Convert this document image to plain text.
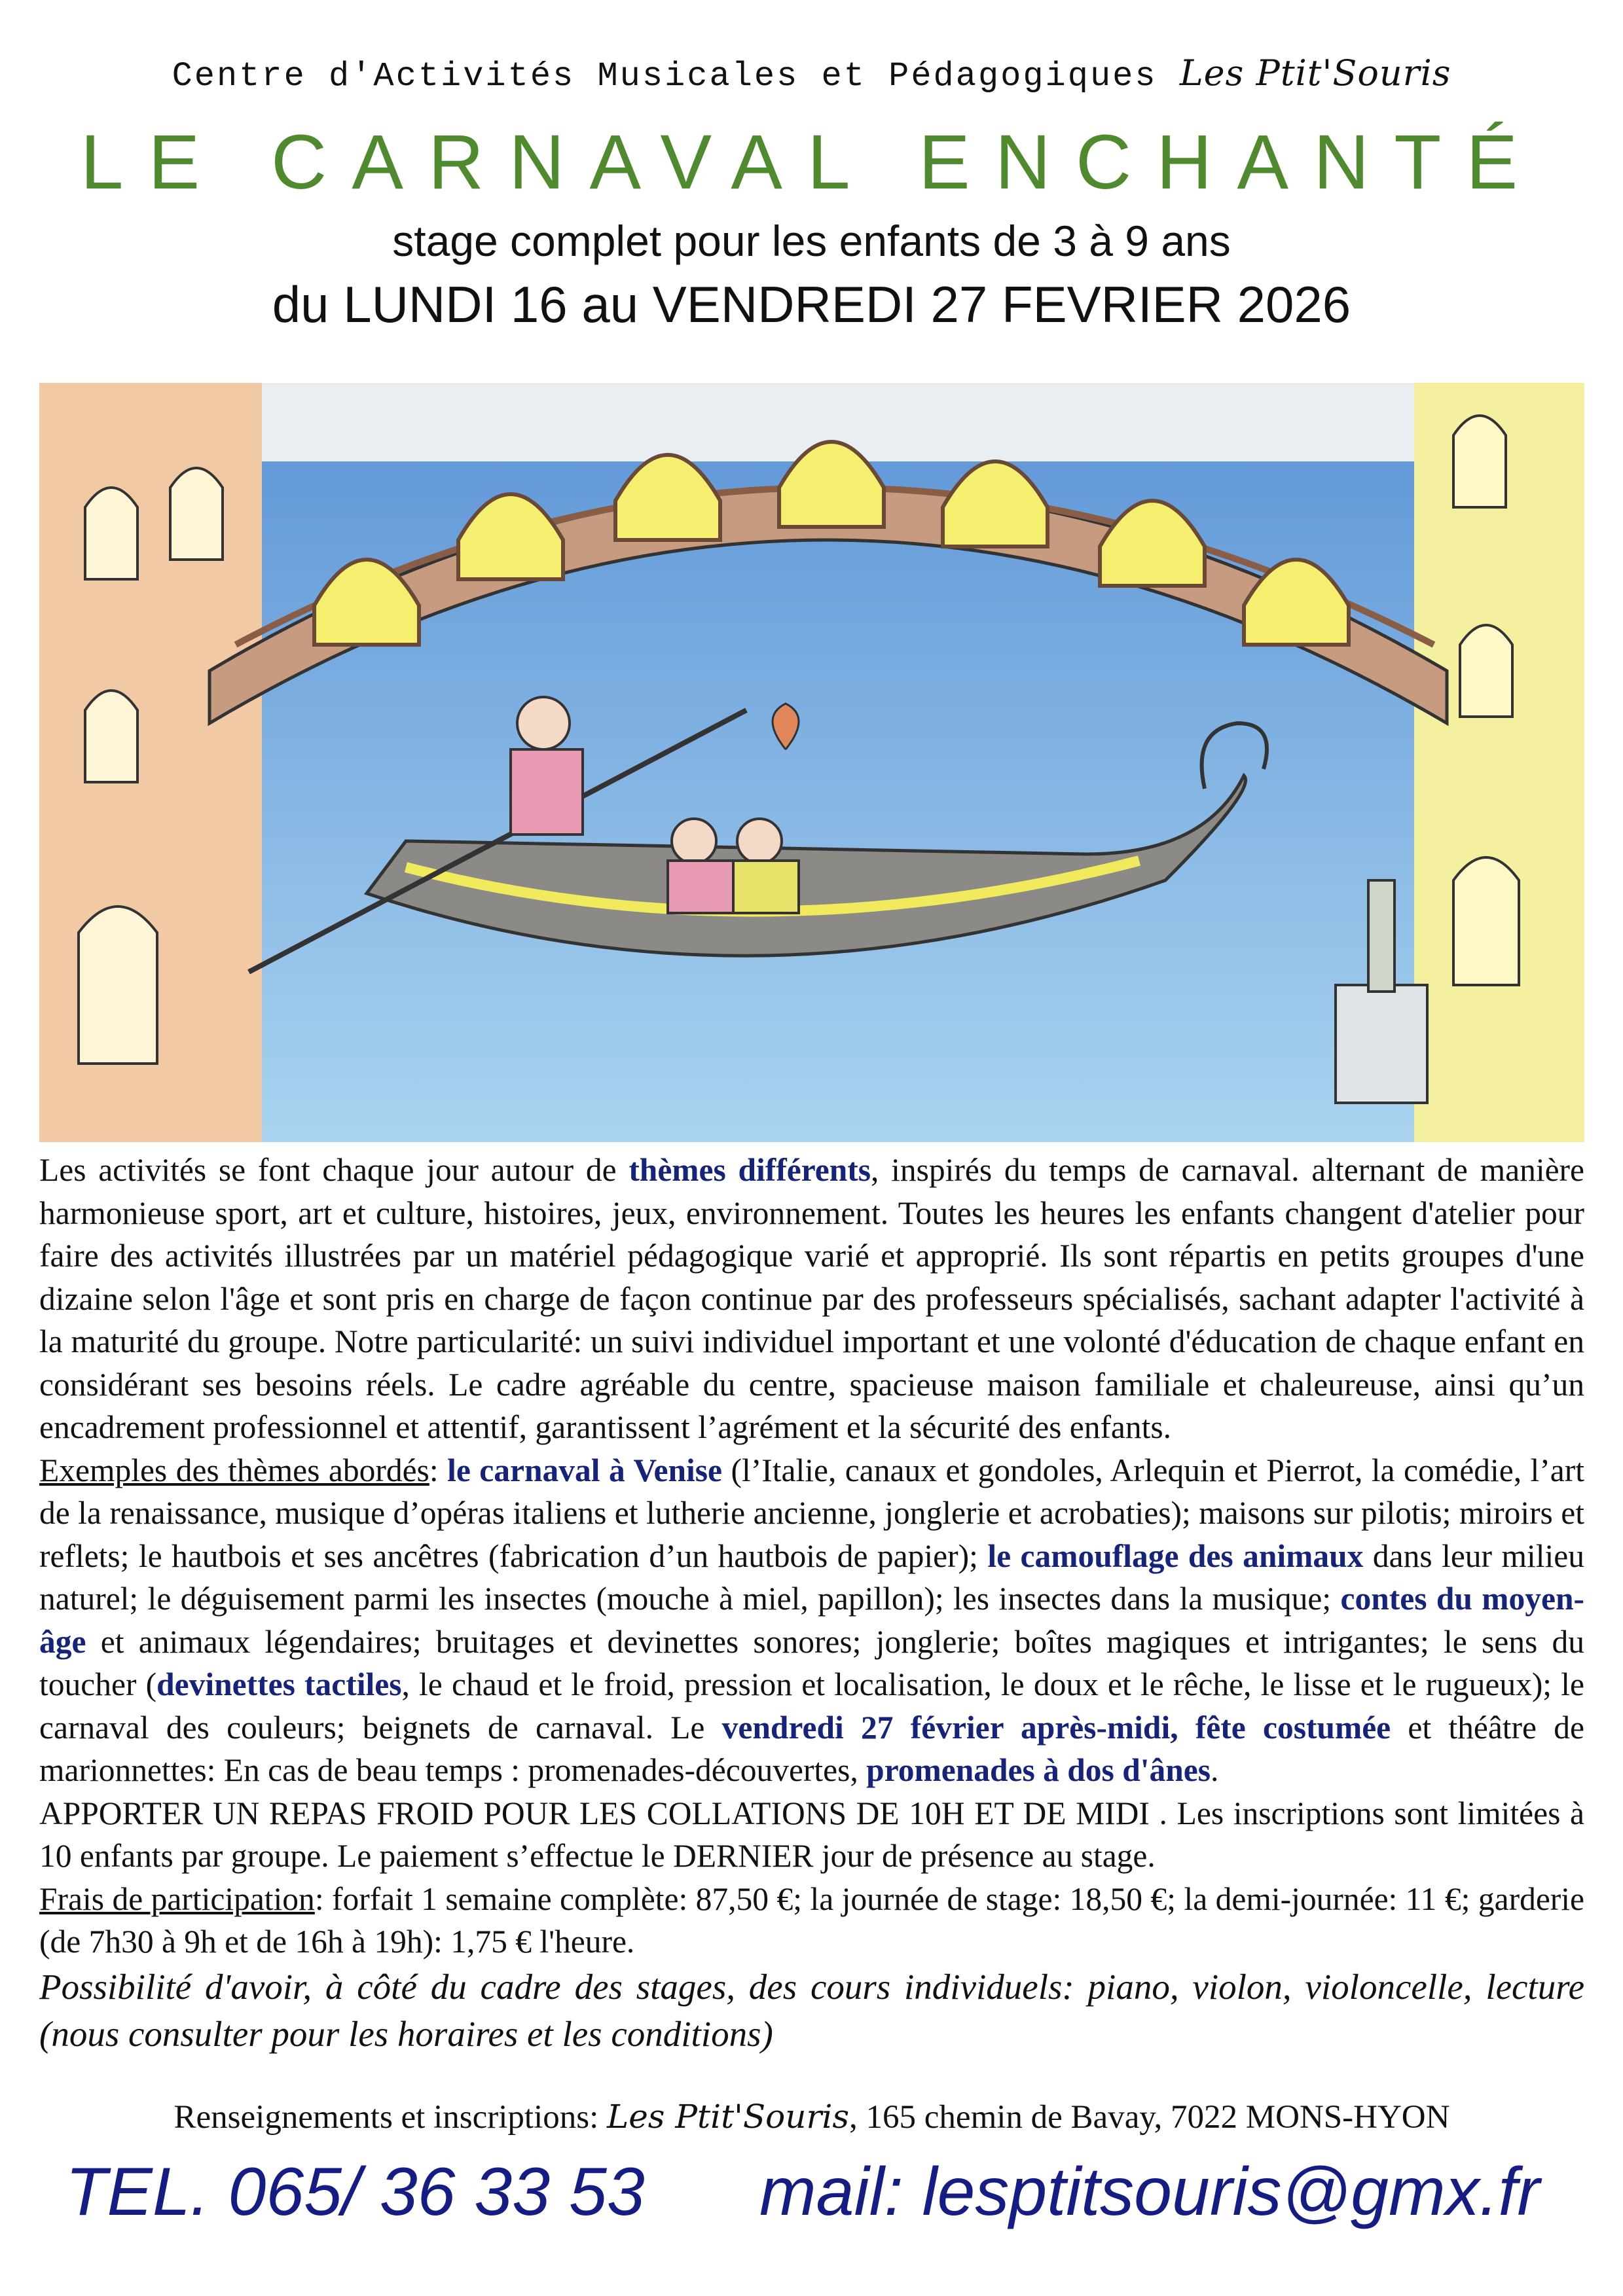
Centre d'Activités Musicales et Pédagogiques Les Ptit'Souris
LE CARNAVAL ENCHANTÉ
stage complet pour les enfants de 3 à 9 ans
du LUNDI 16 au VENDREDI 27 FEVRIER 2026

Les activités se font chaque jour autour de thèmes différents, inspirés du temps de carnaval. alternant de manière harmonieuse sport, art et culture, histoires, jeux, environnement. Toutes les heures les enfants changent d'atelier pour faire des activités illustrées par un matériel pédagogique varié et approprié. Ils sont répartis en petits groupes d'une dizaine selon l'âge et sont pris en charge de façon continue par des professeurs spécialisés, sachant adapter l'activité à la maturité du groupe. Notre particularité: un suivi individuel important et une volonté d'éducation de chaque enfant en considérant ses besoins réels. Le cadre agréable du centre, spacieuse maison familiale et chaleureuse, ainsi qu’un encadrement professionnel et attentif, garantissent l’agrément et la sécurité des enfants.

Exemples des thèmes abordés: le carnaval à Venise (l’Italie, canaux et gondoles, Arlequin et Pierrot, la comédie, l’art de la renaissance, musique d’opéras italiens et lutherie ancienne, jonglerie et acrobaties); maisons sur pilotis; miroirs et reflets; le hautbois et ses ancêtres (fabrication d’un hautbois de papier); le camouflage des animaux dans leur milieu naturel; le déguisement parmi les insectes (mouche à miel, papillon); les insectes dans la musique; contes du moyen-âge et animaux légendaires; bruitages et devinettes sonores; jonglerie; boîtes magiques et intrigantes; le sens du toucher (devinettes tactiles, le chaud et le froid, pression et localisation, le doux et le rêche, le lisse et le rugueux); le carnaval des couleurs; beignets de carnaval. Le vendredi 27 février après-midi, fête costumée et théâtre de marionnettes: En cas de beau temps : promenades-découvertes, promenades à dos d'ânes.

APPORTER UN REPAS FROID POUR LES COLLATIONS DE 10H ET DE MIDI . Les inscriptions sont limitées à 10 enfants par groupe. Le paiement s’effectue le DERNIER jour de présence au stage.

Frais de participation: forfait 1 semaine complète: 87,50 €; la journée de stage: 18,50 €; la demi-journée: 11 €; garderie (de 7h30 à 9h et de 16h à 19h): 1,75 € l'heure.

Possibilité d'avoir, à côté du cadre des stages, des cours individuels: piano, violon, violoncelle, lecture (nous consulter pour les horaires et les conditions)

Renseignements et inscriptions: Les Ptit'Souris, 165 chemin de Bavay, 7022 MONS-HYON
TEL. 065/ 36 33 53 mail: lesptitsouris@gmx.fr
